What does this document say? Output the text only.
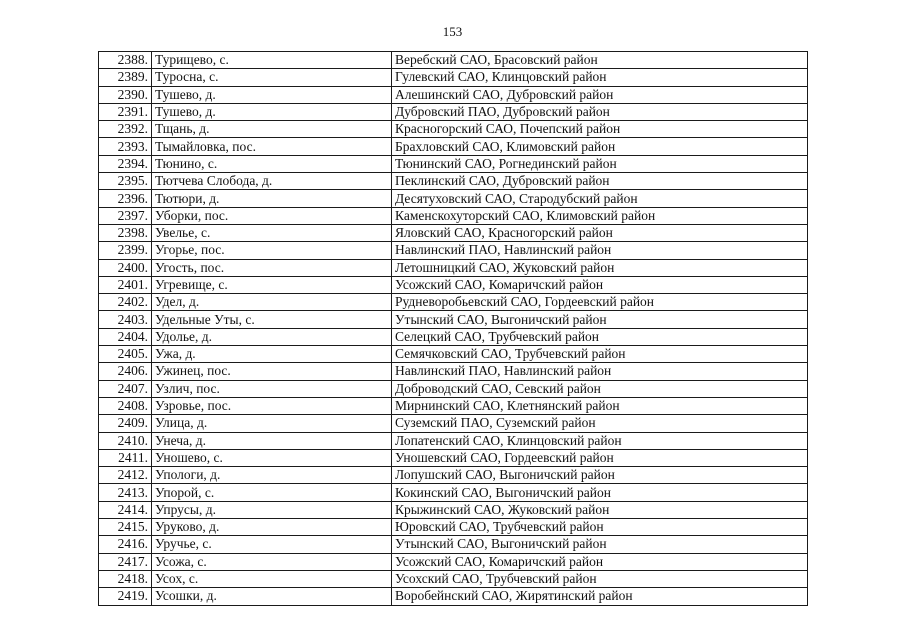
153
2388.	Турищево, с.	Веребский САО, Брасовский район
2389.	Туросна, с.	Гулевский САО, Клинцовский район
2390.	Тушево, д.	Алешинский САО, Дубровский район
2391.	Тушево, д.	Дубровский ПАО, Дубровский район
2392.	Тщань, д.	Красногорский САО, Почепский район
2393.	Тымайловка, пос.	Брахловский САО, Климовский район
2394.	Тюнино, с.	Тюнинский САО, Рогнединский район
2395.	Тютчева Слобода, д.	Пеклинский САО, Дубровский район
2396.	Тютюри, д.	Десятуховский САО, Стародубский район
2397.	Уборки, пос.	Каменскохуторский САО, Климовский район
2398.	Увелье, с.	Яловский САО, Красногорский район
2399.	Угорье, пос.	Навлинский ПАО, Навлинский район
2400.	Угость, пос.	Летошницкий САО, Жуковский район
2401.	Угревище, с.	Усожский САО, Комаричский район
2402.	Удел, д.	Рудневоробьевский САО, Гордеевский район
2403.	Удельные Уты, с.	Утынский САО, Выгоничский район
2404.	Удолье, д.	Селецкий САО, Трубчевский район
2405.	Ужа, д.	Семячковский САО, Трубчевский район
2406.	Ужинец, пос.	Навлинский ПАО, Навлинский район
2407.	Узлич, пос.	Доброводский САО, Севский район
2408.	Узровье, пос.	Мирнинский САО, Клетнянский район
2409.	Улица, д.	Суземский ПАО, Суземский район
2410.	Унеча, д.	Лопатенский САО, Клинцовский район
2411.	Уношево, с.	Уношевский САО, Гордеевский район
2412.	Упологи, д.	Лопушский САО, Выгоничский район
2413.	Упорой, с.	Кокинский САО, Выгоничский район
2414.	Упрусы, д.	Крыжинский САО, Жуковский район
2415.	Уруково, д.	Юровский САО, Трубчевский район
2416.	Уручье, с.	Утынский САО, Выгоничский район
2417.	Усожа, с.	Усожский САО, Комаричский район
2418.	Усох, с.	Усохский САО, Трубчевский район
2419.	Усошки, д.	Воробейнский САО, Жирятинский район
